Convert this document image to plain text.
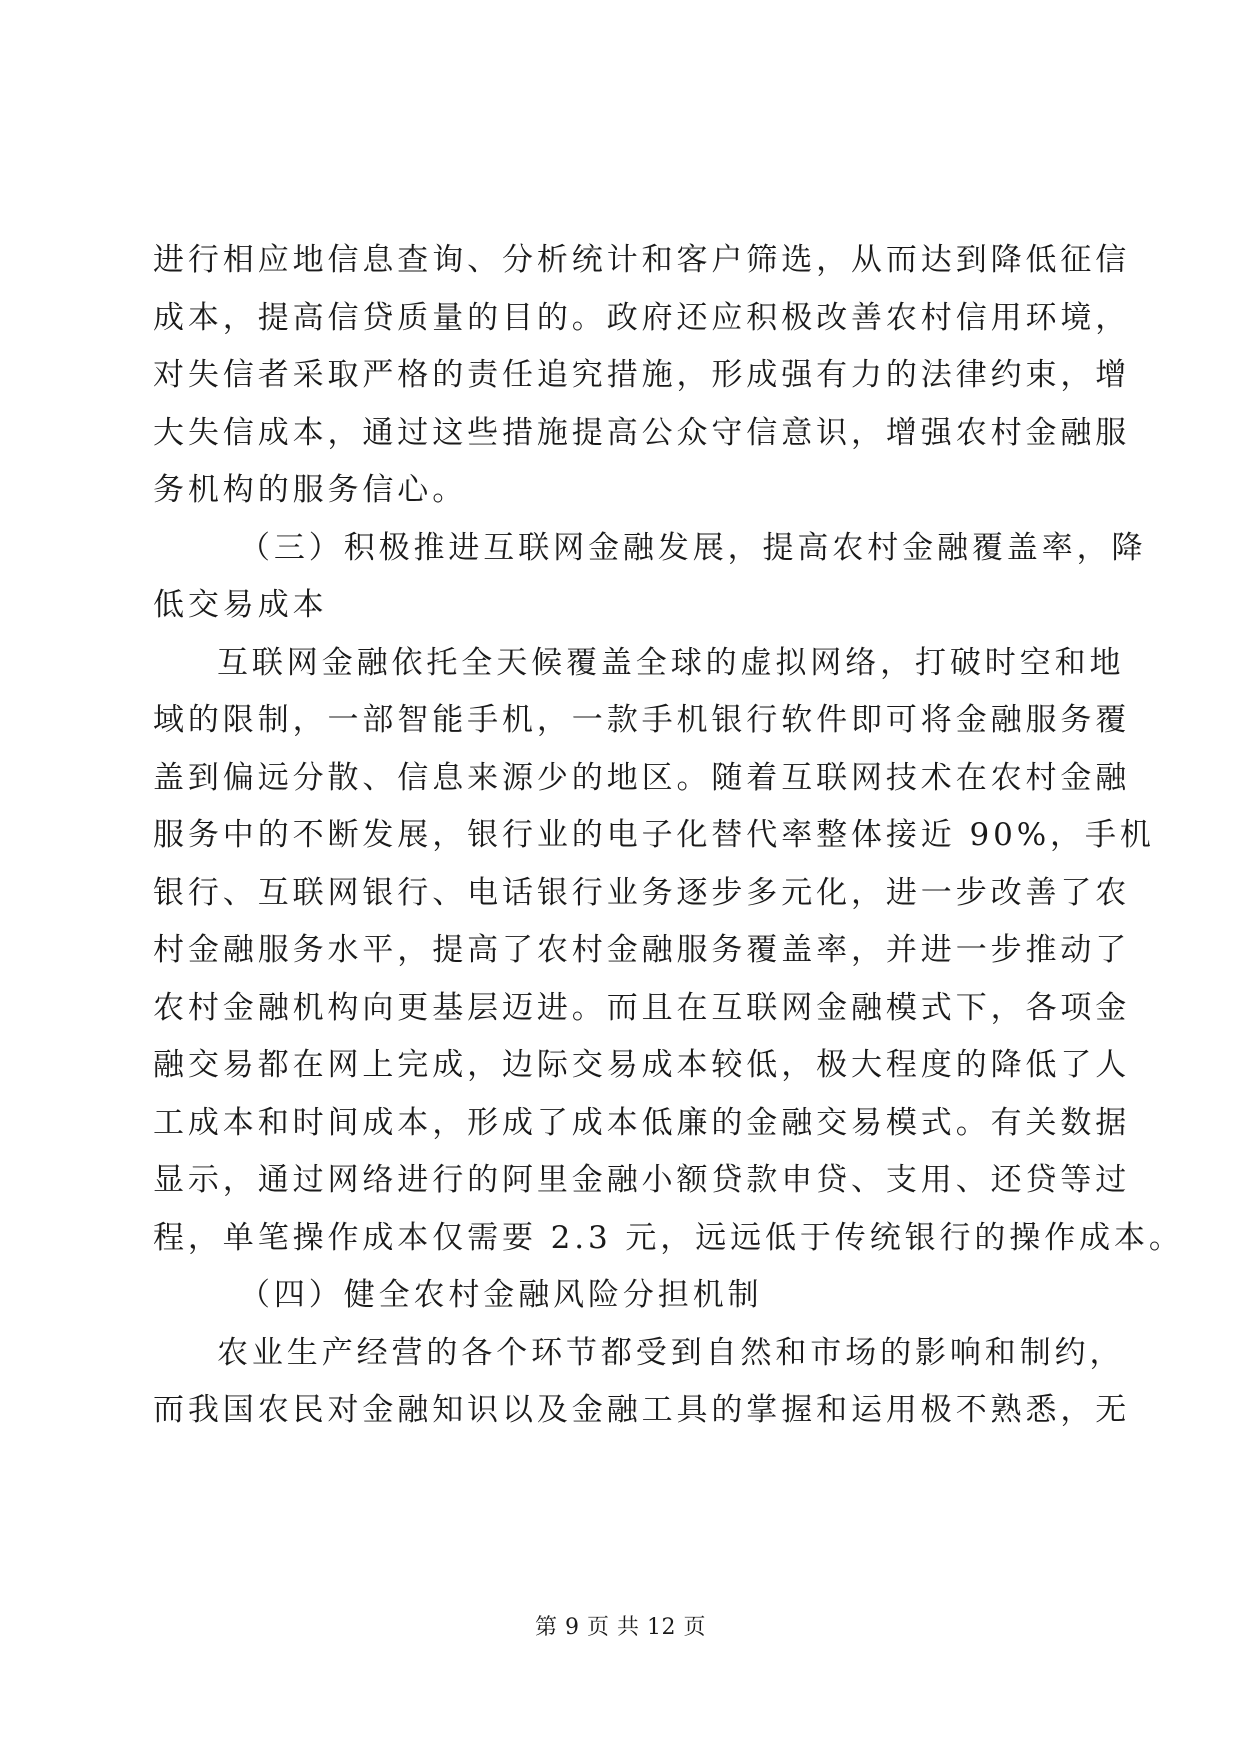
进行相应地信息查询、分析统计和客户筛选，从而达到降低征信
成本，提高信贷质量的目的。政府还应积极改善农村信用环境，
对失信者采取严格的责任追究措施，形成强有力的法律约束，增
大失信成本，通过这些措施提高公众守信意识，增强农村金融服
务机构的服务信心。
（三）积极推进互联网金融发展，提高农村金融覆盖率，降
低交易成本
互联网金融依托全天候覆盖全球的虚拟网络，打破时空和地
域的限制，一部智能手机，一款手机银行软件即可将金融服务覆
盖到偏远分散、信息来源少的地区。随着互联网技术在农村金融
服务中的不断发展，银行业的电子化替代率整体接近 90%，手机
银行、互联网银行、电话银行业务逐步多元化，进一步改善了农
村金融服务水平，提高了农村金融服务覆盖率，并进一步推动了
农村金融机构向更基层迈进。而且在互联网金融模式下，各项金
融交易都在网上完成，边际交易成本较低，极大程度的降低了人
工成本和时间成本，形成了成本低廉的金融交易模式。有关数据
显示，通过网络进行的阿里金融小额贷款申贷、支用、还贷等过
程，单笔操作成本仅需要 2.3 元，远远低于传统银行的操作成本。
（四）健全农村金融风险分担机制
农业生产经营的各个环节都受到自然和市场的影响和制约，
而我国农民对金融知识以及金融工具的掌握和运用极不熟悉，无
第 9 页 共 12 页
